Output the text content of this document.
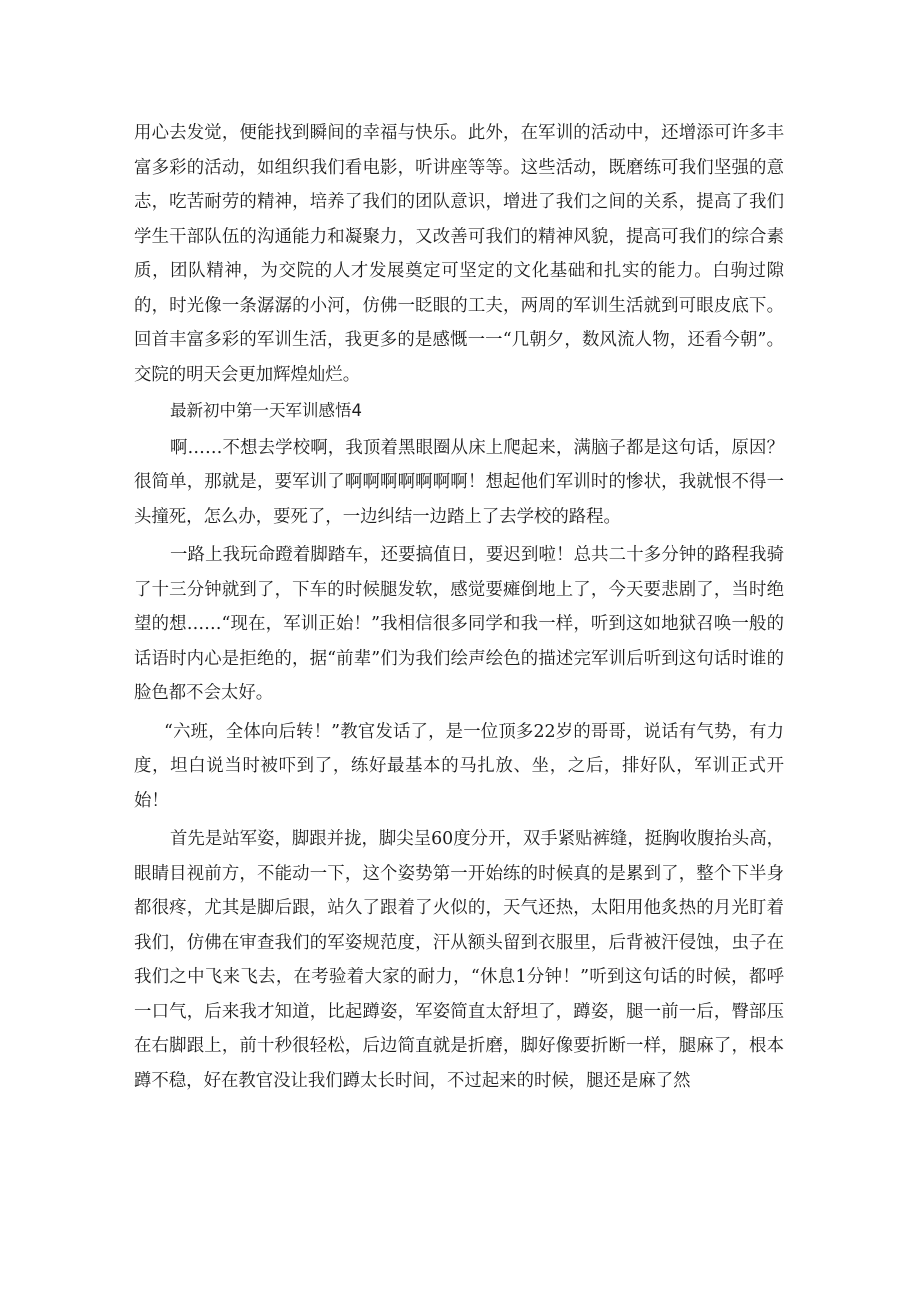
用心去发觉，便能找到瞬间的幸福与快乐。此外，在军训的活动中，还增添可许多丰富多彩的活动，如组织我们看电影，听讲座等等。这些活动，既磨练可我们坚强的意志，吃苦耐劳的精神，培养了我们的团队意识，增进了我们之间的关系，提高了我们学生干部队伍的沟通能力和凝聚力，又改善可我们的精神风貌，提高可我们的综合素质，团队精神，为交院的人才发展奠定可坚定的文化基础和扎实的能力。白驹过隙的，时光像一条潺潺的小河，仿佛一眨眼的工夫，两周的军训生活就到可眼皮底下。回首丰富多彩的军训生活，我更多的是感慨一一“几朝夕，数风流人物，还看今朝”。交院的明天会更加辉煌灿烂。

最新初中第一天军训感悟4

啊……不想去学校啊，我顶着黑眼圈从床上爬起来，满脑子都是这句话，原因？很简单，那就是，要军训了啊啊啊啊啊啊啊！想起他们军训时的惨状，我就恨不得一头撞死，怎么办，要死了，一边纠结一边踏上了去学校的路程。

一路上我玩命蹬着脚踏车，还要搞值日，要迟到啦！总共二十多分钟的路程我骑了十三分钟就到了，下车的时候腿发软，感觉要瘫倒地上了，今天要悲剧了，当时绝望的想……“现在，军训正始！”我相信很多同学和我一样，听到这如地狱召唤一般的话语时内心是拒绝的，据“前辈”们为我们绘声绘色的描述完军训后听到这句话时谁的脸色都不会太好。

“六班，全体向后转！”教官发话了，是一位顶多22岁的哥哥，说话有气势，有力度，坦白说当时被吓到了，练好最基本的马扎放、坐，之后，排好队，军训正式开始！

首先是站军姿，脚跟并拢，脚尖呈60度分开，双手紧贴裤缝，挺胸收腹抬头高，眼睛目视前方，不能动一下，这个姿势第一开始练的时候真的是累到了，整个下半身都很疼，尤其是脚后跟，站久了跟着了火似的，天气还热，太阳用他炙热的月光盯着我们，仿佛在审查我们的军姿规范度，汗从额头留到衣服里，后背被汗侵蚀，虫子在我们之中飞来飞去，在考验着大家的耐力，“休息1分钟！”听到这句话的时候，都呼一口气，后来我才知道，比起蹲姿，军姿简直太舒坦了，蹲姿，腿一前一后，臀部压在右脚跟上，前十秒很轻松，后边简直就是折磨，脚好像要折断一样，腿麻了，根本蹲不稳，好在教官没让我们蹲太长时间，不过起来的时候，腿还是麻了然
